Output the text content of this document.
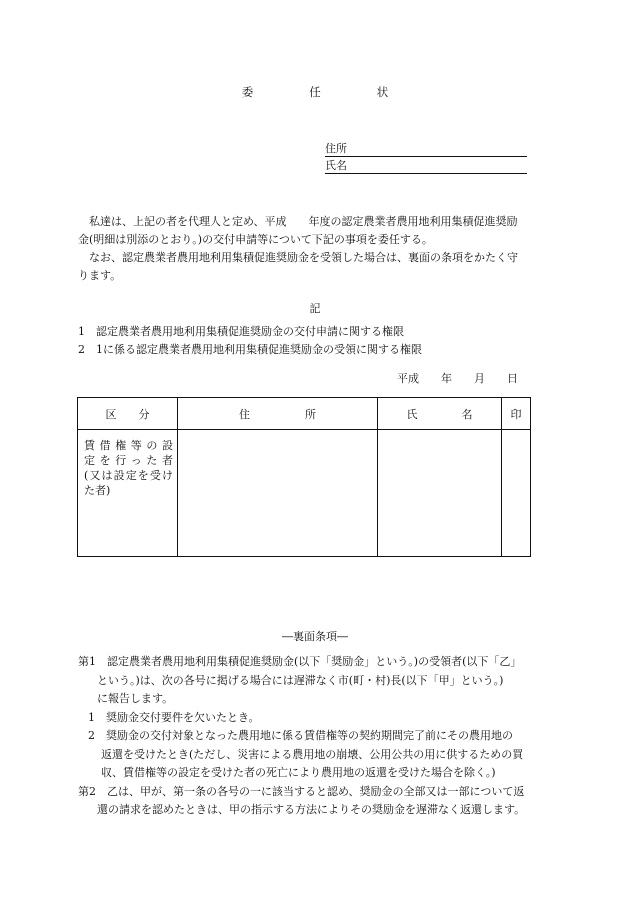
委	任	状
住所
氏名
私達は、上記の者を代理人と定め、平成　　年度の認定農業者農用地利用集積促進奨励
金(明細は別添のとおり。)の交付申請等について下記の事項を委任する。
なお、認定農業者農用地利用集積促進奨励金を受領した場合は、裏面の条項をかたく守
ります。
記
1　認定農業者農用地利用集積促進奨励金の交付申請に関する権限
2　1に係る認定農業者農用地利用集積促進奨励金の受領に関する権限
平成　　年　　月　　日
区　　分	住　　　　　所	氏　　　　名	印

賃借権等の設
定を行った者
(又は設定を受け
た者)			

―裏面条項―
第1　認定農業者農用地利用集積促進奨励金(以下「奨励金」という。)の受領者(以下「乙」
という。)は、次の各号に掲げる場合には遅滞なく市(町・村)長(以下「甲」という。)
に報告します。
1　奨励金交付要件を欠いたとき。
2　奨励金の交付対象となった農用地に係る賃借権等の契約期間完了前にその農用地の
返還を受けたとき(ただし、災害による農用地の崩壊、公用公共の用に供するための買
収、賃借権等の設定を受けた者の死亡により農用地の返還を受けた場合を除く。)
第2　乙は、甲が、第一条の各号の一に該当すると認め、奨励金の全部又は一部について返
還の請求を認めたときは、甲の指示する方法によりその奨励金を遅滞なく返還します。
